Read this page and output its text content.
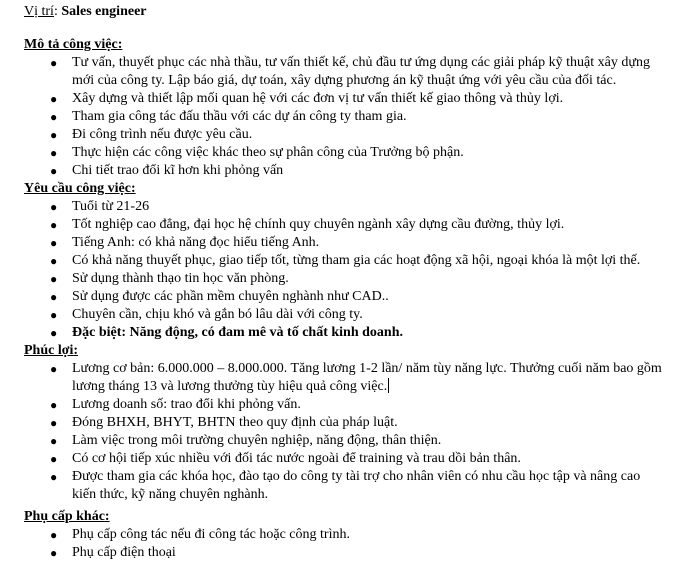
Vị trí: Sales engineer
Mô tả công việc:
● Tư vấn, thuyết phục các nhà thầu, tư vấn thiết kế, chủ đầu tư ứng dụng các giải pháp kỹ thuật xây dựng mới của công ty. Lập báo giá, dự toán, xây dựng phương án kỹ thuật ứng với yêu cầu của đối tác.
● Xây dựng và thiết lập mối quan hệ với các đơn vị tư vấn thiết kế giao thông và thủy lợi.
● Tham gia công tác đấu thầu với các dự án công ty tham gia.
● Đi công trình nếu được yêu cầu.
● Thực hiện các công việc khác theo sự phân công của Trưởng bộ phận.
● Chi tiết trao đổi kĩ hơn khi phỏng vấn
Yêu cầu công việc:
● Tuổi từ 21-26
● Tốt nghiệp cao đẳng, đại học hệ chính quy chuyên ngành xây dựng cầu đường, thủy lợi.
● Tiếng Anh: có khả năng đọc hiểu tiếng Anh.
● Có khả năng thuyết phục, giao tiếp tốt, từng tham gia các hoạt động xã hội, ngoại khóa là một lợi thế.
● Sử dụng thành thạo tin học văn phòng.
● Sử dụng được các phần mềm chuyên nghành như CAD..
● Chuyên cần, chịu khó và gắn bó lâu dài với công ty.
● Đặc biệt: Năng động, có đam mê và tố chất kinh doanh.
Phúc lợi:
● Lương cơ bản: 6.000.000 – 8.000.000. Tăng lương 1-2 lần/ năm tùy năng lực. Thưởng cuối năm bao gồm lương tháng 13 và lương thưởng tùy hiệu quả công việc.
● Lương doanh số: trao đổi khi phỏng vấn.
● Đóng BHXH, BHYT, BHTN theo quy định của pháp luật.
● Làm việc trong môi trường chuyên nghiệp, năng động, thân thiện.
● Có cơ hội tiếp xúc nhiều với đối tác nước ngoài để training và trau dồi bản thân.
● Được tham gia các khóa học, đào tạo do công ty tài trợ cho nhân viên có nhu cầu học tập và nâng cao kiến thức, kỹ năng chuyên nghành.
Phụ cấp khác:
● Phụ cấp công tác nếu đi công tác hoặc công trình.
● Phụ cấp điện thoại
